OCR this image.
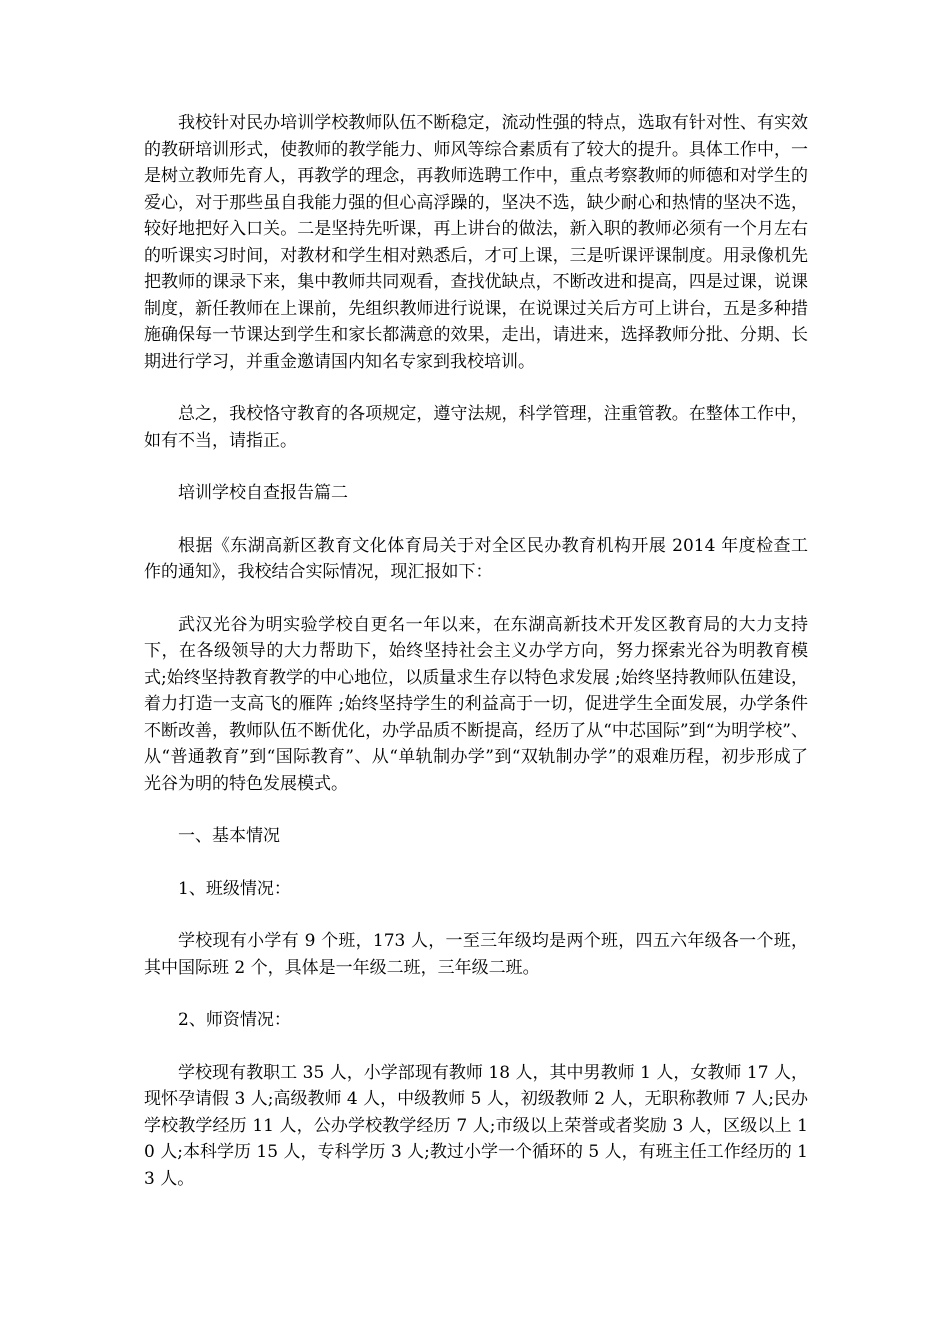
我校针对民办培训学校教师队伍不断稳定，流动性强的特点，选取有针对性、有实效的教研培训形式，使教师的教学能力、师风等综合素质有了较大的提升。具体工作中，一是树立教师先育人，再教学的理念，再教师选聘工作中，重点考察教师的师德和对学生的爱心，对于那些虽自我能力强的但心高浮躁的，坚决不选，缺少耐心和热情的坚决不选，较好地把好入口关。二是坚持先听课，再上讲台的做法，新入职的教师必须有一个月左右的听课实习时间，对教材和学生相对熟悉后，才可上课，三是听课评课制度。用录像机先把教师的课录下来，集中教师共同观看，查找优缺点，不断改进和提高，四是过课，说课制度，新任教师在上课前，先组织教师进行说课，在说课过关后方可上讲台，五是多种措施确保每一节课达到学生和家长都满意的效果，走出，请进来，选择教师分批、分期、长期进行学习，并重金邀请国内知名专家到我校培训。

总之，我校恪守教育的各项规定，遵守法规，科学管理，注重管教。在整体工作中，如有不当，请指正。

培训学校自查报告篇二

根据《东湖高新区教育文化体育局关于对全区民办教育机构开展 2014 年度检查工作的通知》，我校结合实际情况，现汇报如下：

武汉光谷为明实验学校自更名一年以来，在东湖高新技术开发区教育局的大力支持下，在各级领导的大力帮助下，始终坚持社会主义办学方向，努力探索光谷为明教育模式;始终坚持教育教学的中心地位，以质量求生存以特色求发展 ;始终坚持教师队伍建设，着力打造一支高飞的雁阵 ;始终坚持学生的利益高于一切，促进学生全面发展，办学条件不断改善，教师队伍不断优化，办学品质不断提高，经历了从“中芯国际”到“为明学校”、从“普通教育”到“国际教育”、从“单轨制办学”到“双轨制办学”的艰难历程，初步形成了光谷为明的特色发展模式。

一、基本情况

1、班级情况：

学校现有小学有 9 个班，173 人，一至三年级均是两个班，四五六年级各一个班，其中国际班 2 个，具体是一年级二班，三年级二班。

2、师资情况：

学校现有教职工 35 人，小学部现有教师 18 人，其中男教师 1 人，女教师 17 人，现怀孕请假 3 人;高级教师 4 人，中级教师 5 人，初级教师 2 人，无职称教师 7 人;民办学校教学经历 11 人，公办学校教学经历 7 人;市级以上荣誉或者奖励 3 人，区级以上 10 人;本科学历 15 人，专科学历 3 人;教过小学一个循环的 5 人，有班主任工作经历的 13 人。
